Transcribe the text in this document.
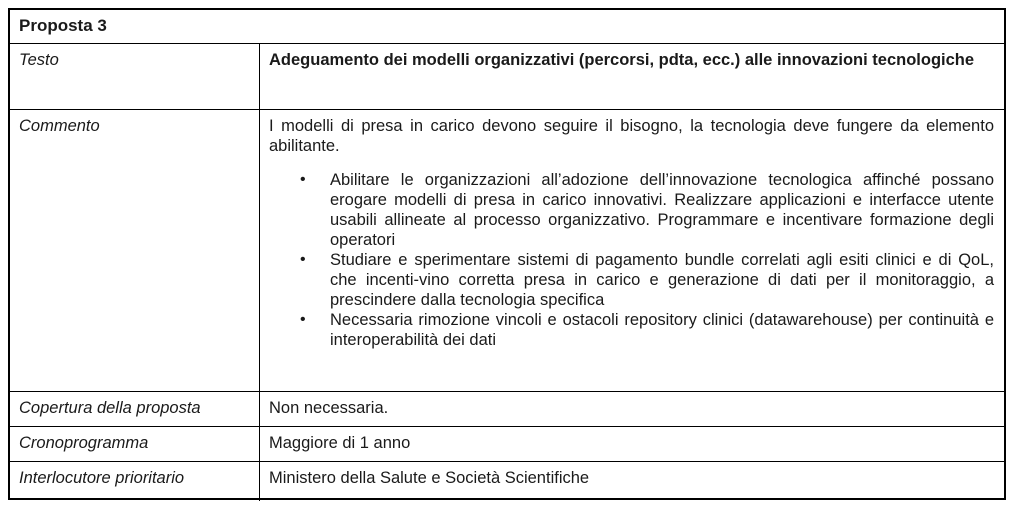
Proposta 3
Testo	Adeguamento dei modelli organizzativi (percorsi, pdta, ecc.) alle innovazioni tecnologiche
Commento	I modelli di presa in carico devono seguire il bisogno, la tecnologia deve fungere da elemento abilitante.
• Abilitare le organizzazioni all’adozione dell’innovazione tecnologica affinché possano erogare modelli di presa in carico innovativi. Realizzare applicazioni e interfacce utente usabili allineate al processo organizzativo. Programmare e incentivare formazione degli operatori
• Studiare e sperimentare sistemi di pagamento bundle correlati agli esiti clinici e di QoL, che incenti-vino corretta presa in carico e generazione di dati per il monitoraggio, a prescindere dalla tecnologia specifica
• Necessaria rimozione vincoli e ostacoli repository clinici (datawarehouse) per continuità e interoperabilità dei dati
Copertura della proposta	Non necessaria.
Cronoprogramma	Maggiore di 1 anno
Interlocutore prioritario	Ministero della Salute e Società Scientifiche
